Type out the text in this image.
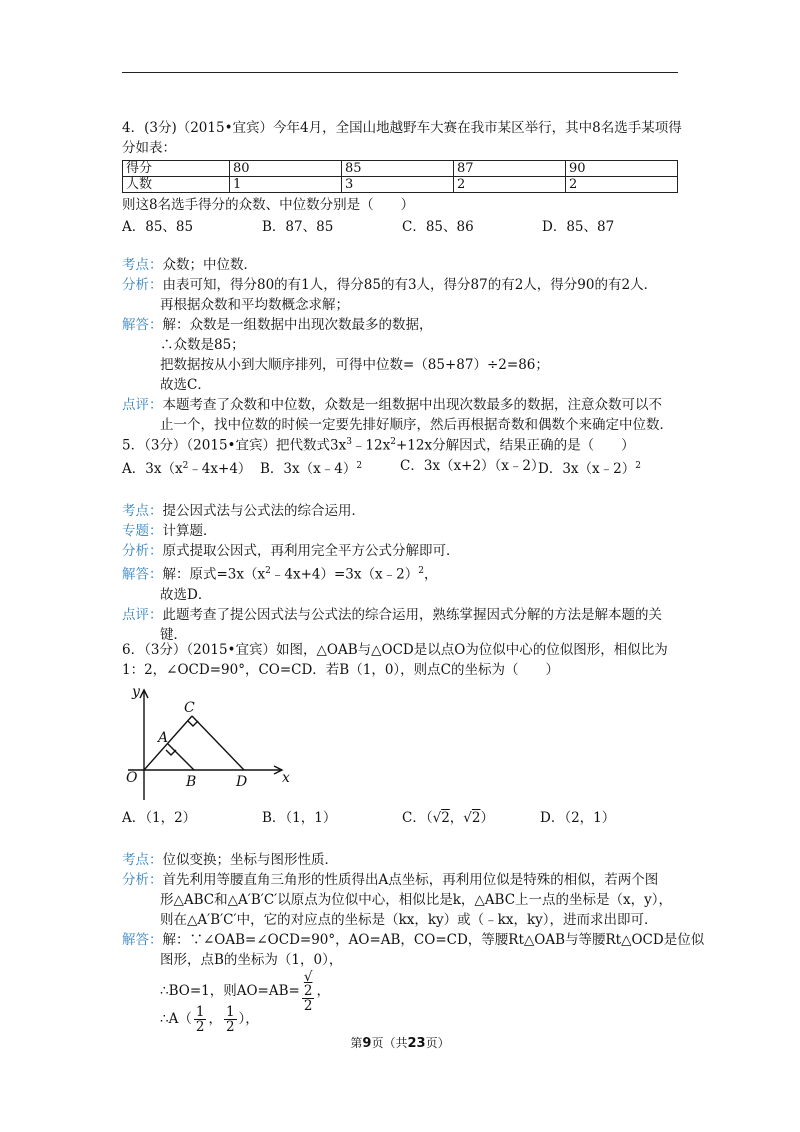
4．(3分)（2015•宜宾）今年4月，全国山地越野车大赛在我市某区举行，其中8名选手某项得
分如表：
得分	80	85	87	90
人数	1	3	2	2
则这8名选手得分的众数、中位数分别是（　　）
A．85、85	B．87、85	C．85、86	D．85、87
考点：众数；中位数．
分析：由表可知，得分80的有1人，得分85的有3人，得分87的有2人，得分90的有2人．
再根据众数和平均数概念求解；
解答：解：众数是一组数据中出现次数最多的数据，
∴众数是85；
把数据按从小到大顺序排列，可得中位数=（85+87）÷2=86；
故选C．
点评：本题考查了众数和中位数，众数是一组数据中出现次数最多的数据，注意众数可以不
止一个，找中位数的时候一定要先排好顺序，然后再根据奇数和偶数个来确定中位数．
5．（3分）（2015•宜宾）把代数式$3x^3﹣12x^2+12x$分解因式，结果正确的是（　　）
A．$3x(x^2﹣4x+4)$ B．3x（x﹣4）$^2$	C．3x（x+2）（x﹣2）
D．3x（x﹣2）$^2$
考点：提公因式法与公式法的综合运用．
专题：计算题．
分析：原式提取公因式，再利用完全平方公式分解即可．
解答：解：原式$=3x(x^2﹣4x+4)=3x(x﹣2)^2$，
故选D．
点评：此题考查了提公因式法与公式法的综合运用，熟练掌握因式分解的方法是解本题的关
键．
6．（3分）（2015•宜宾）如图，△OAB与△OCD是以点O为位似中心的位似图形，相似比为
1：2，∠OCD=90°，CO=CD．若B（1，0），则点C的坐标为（　　）
y
x
O
A
B
C
D
A．（1，2）	B．（1，1）	C．（√2，√2）	D．（2，1）
考点：位似变换；坐标与图形性质．
分析：首先利用等腰直角三角形的性质得出A点坐标，再利用位似是特殊的相似，若两个图
形△ABC和△A′B′C′以原点为位似中心，相似比是k，△ABC上一点的坐标是（x，y），
则在△A′B′C′中，它的对应点的坐标是（kx，ky）或（﹣kx，ky），进而求出即可．
解答：解：∵∠OAB=∠OCD=90°，AO=AB，CO=CD，等腰Rt△OAB与等腰Rt△OCD是位似
图形，点B的坐标为（1，0），
∴BO=1，则AO=AB= √
2
2 ，
∴A（ $\frac{1}{2}$ ， $\frac{1}{2}$ ），
第9页（共23页）
